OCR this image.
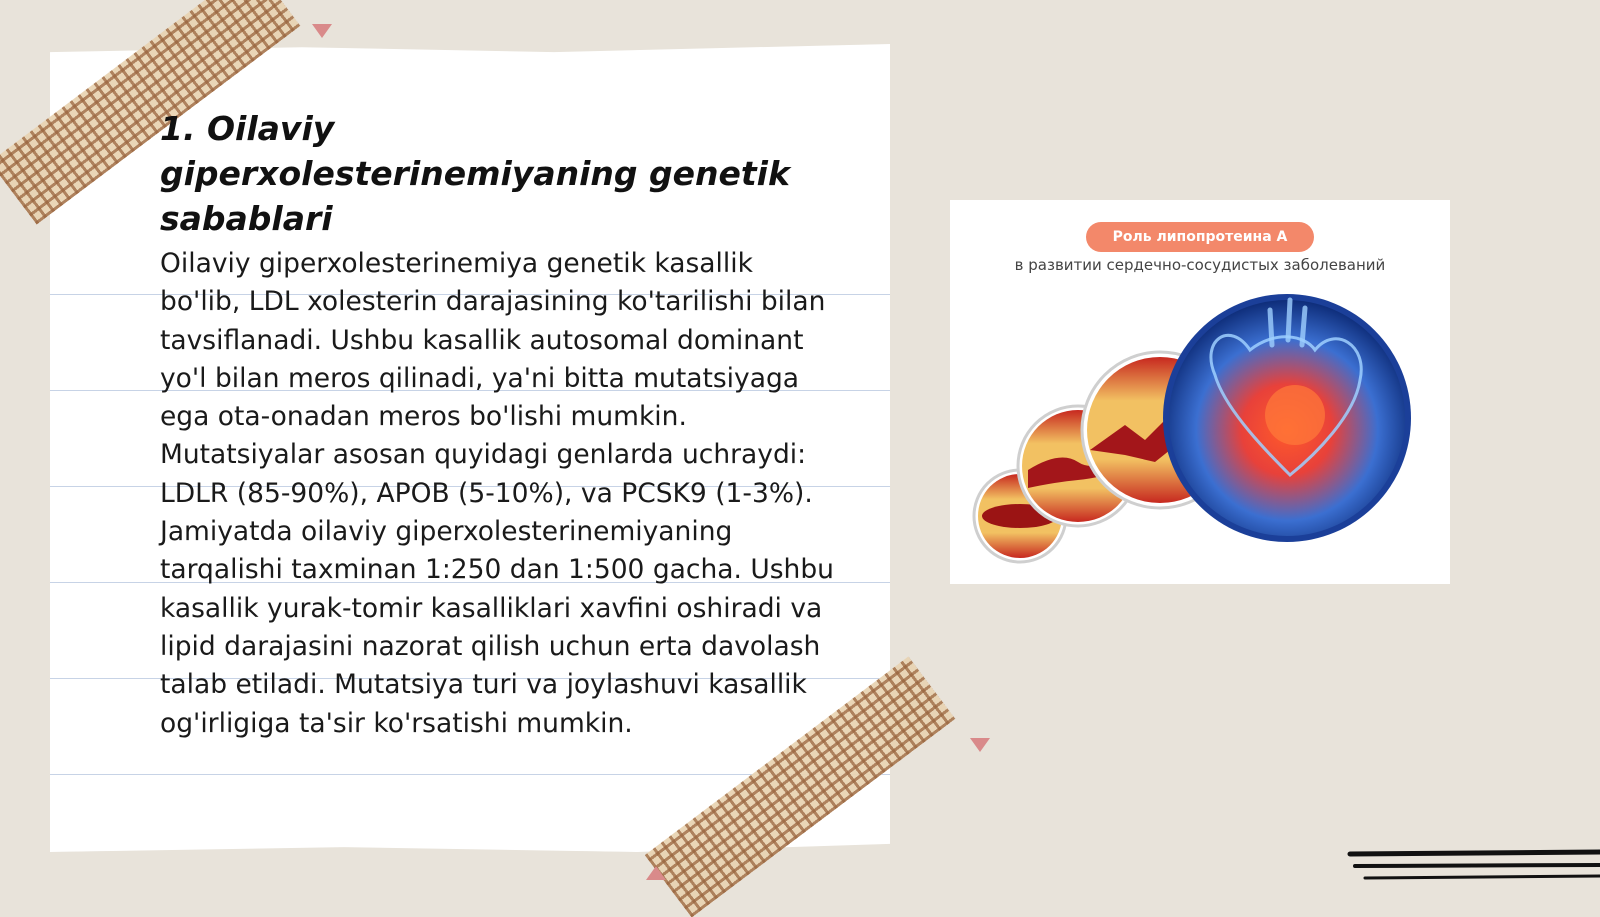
1. Oilaviy giperxolesterinemiyaning genetik sabablari

Oilaviy giperxolesterinemiya genetik kasallik bo'lib, LDL xolesterin darajasining ko'tarilishi bilan tavsiflanadi. Ushbu kasallik autosomal dominant yo'l bilan meros qilinadi, ya'ni bitta mutatsiyaga ega ota-onadan meros bo'lishi mumkin. Mutatsiyalar asosan quyidagi genlarda uchraydi: LDLR (85-90%), APOB (5-10%), va PCSK9 (1-3%). Jamiyatda oilaviy giperxolesterinemiyaning tarqalishi taxminan 1:250 dan 1:500 gacha. Ushbu kasallik yurak-tomir kasalliklari xavfini oshiradi va lipid darajasini nazorat qilish uchun erta davolash talab etiladi. Mutatsiya turi va joylashuvi kasallik og'irligiga ta'sir ko'rsatishi mumkin.

Роль липопротеина А
в развитии сердечно-сосудистых заболеваний
